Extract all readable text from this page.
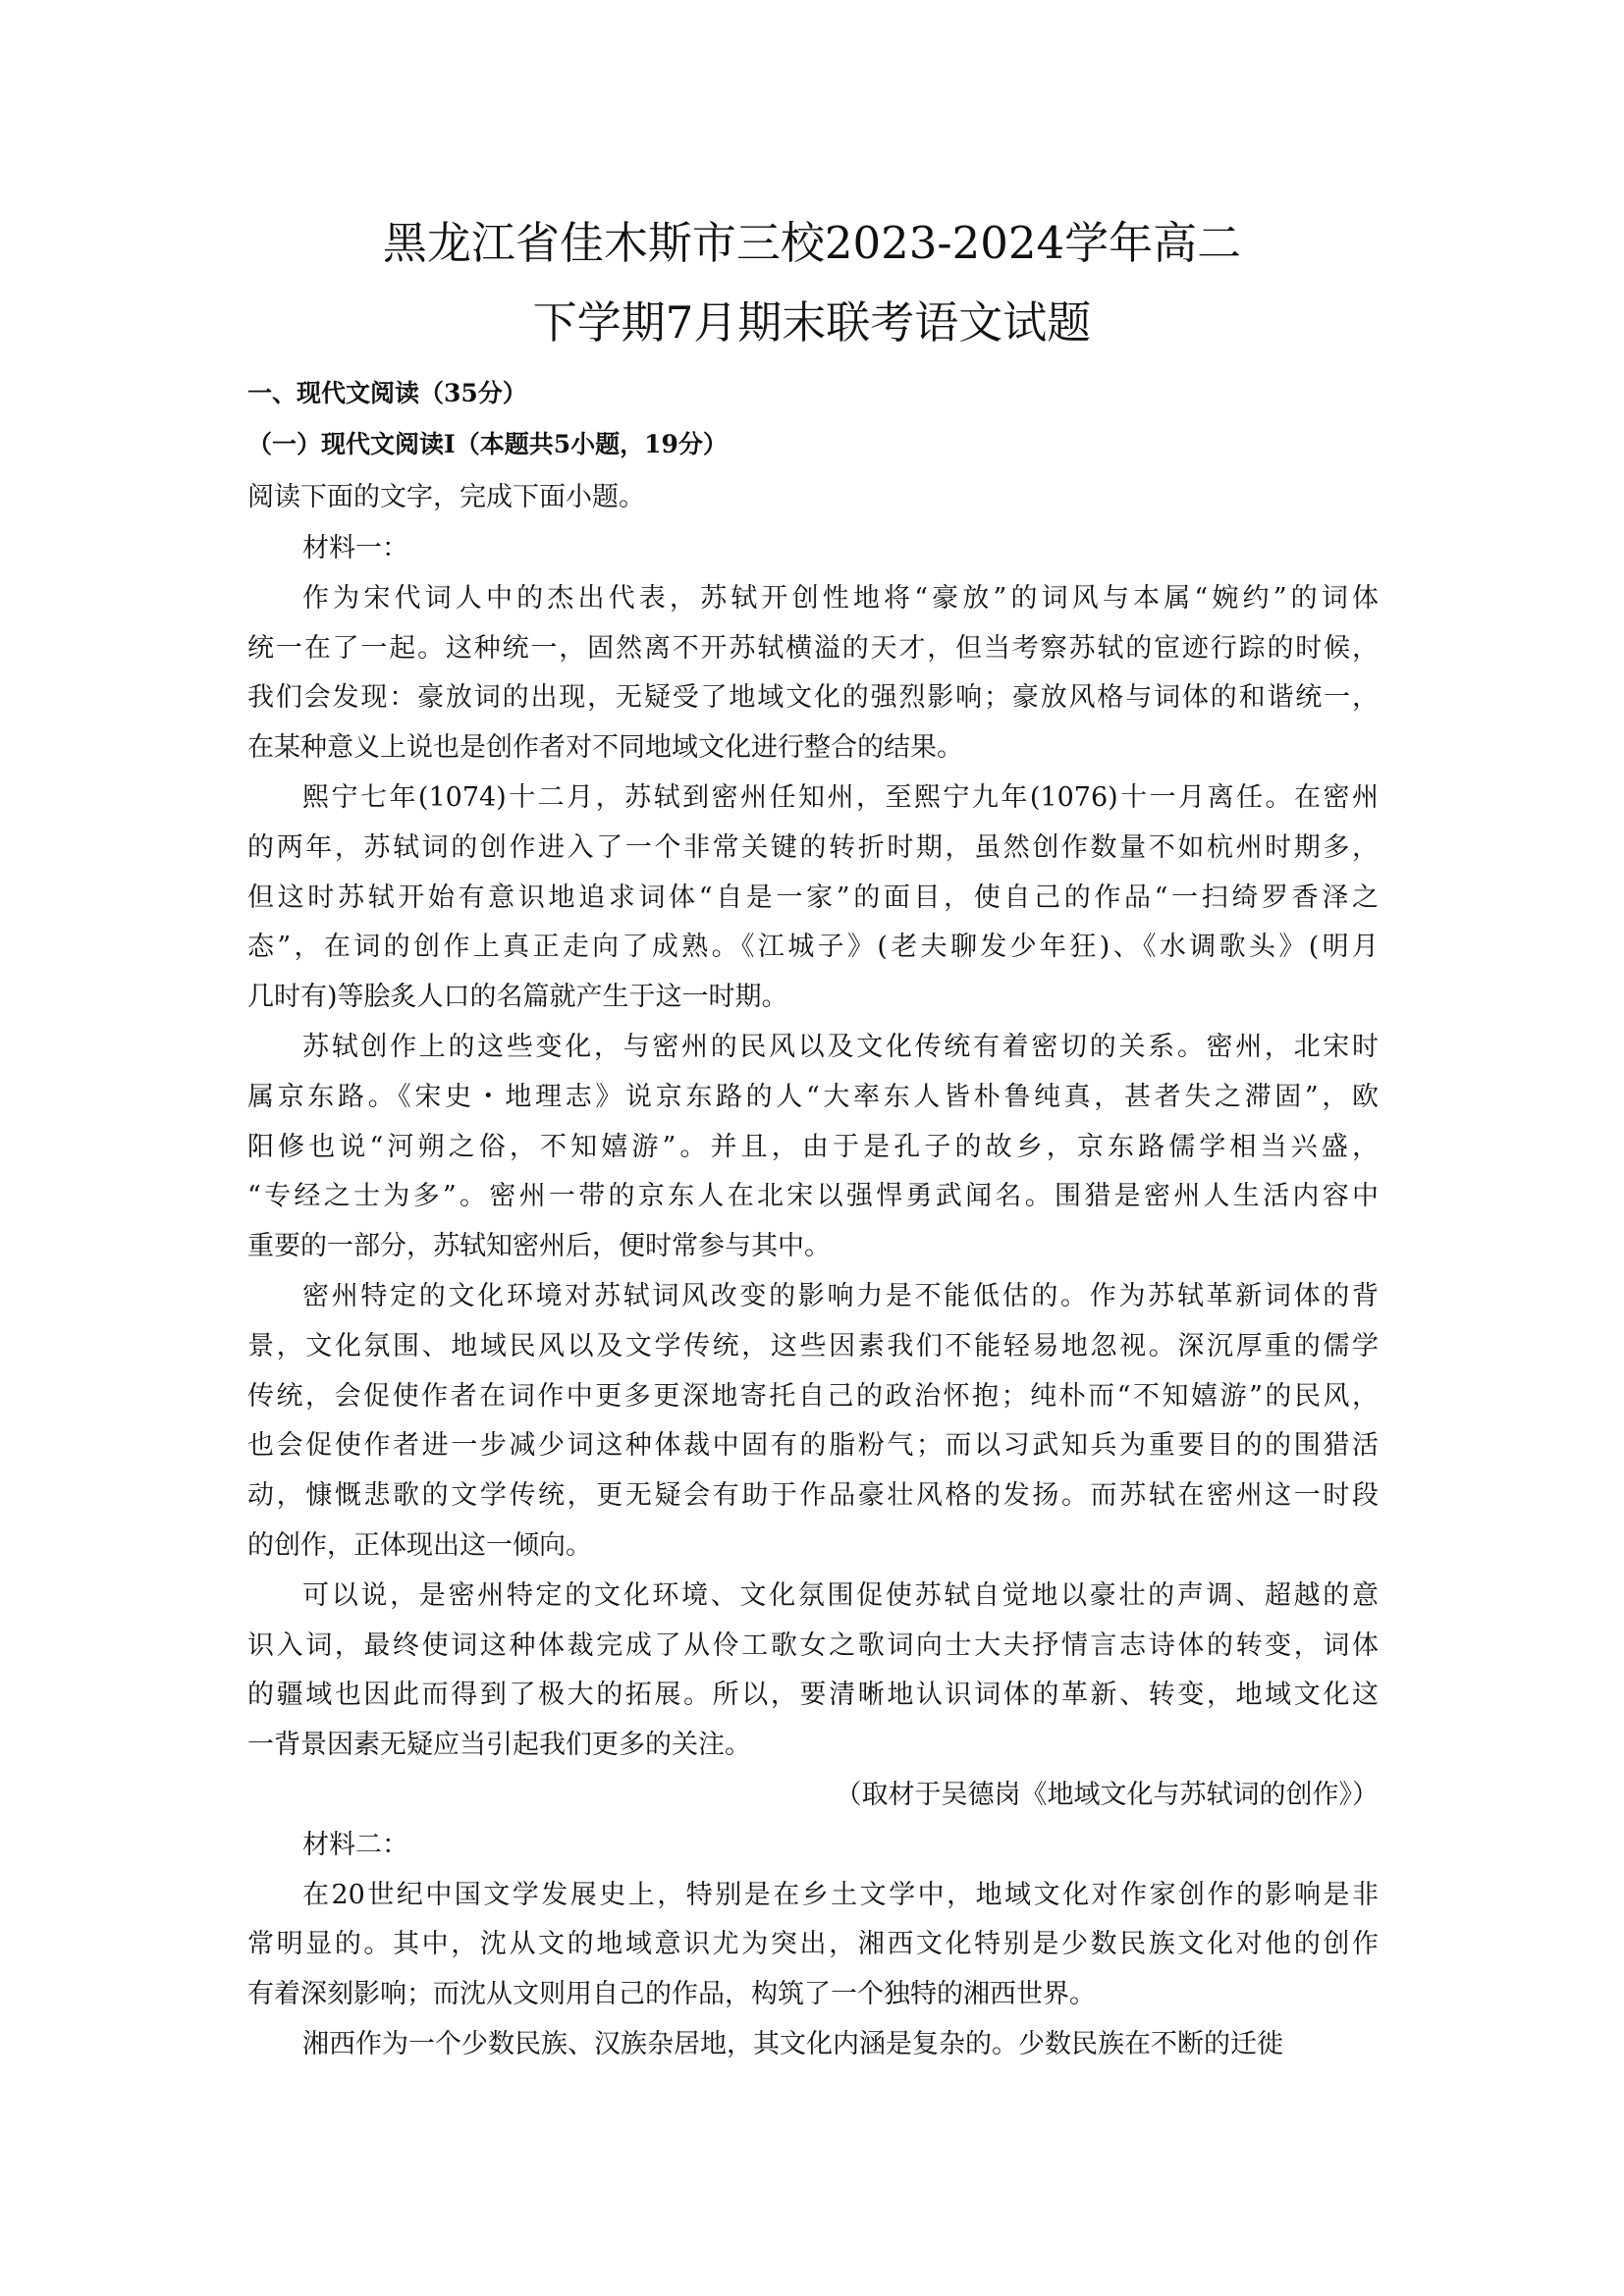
黑龙江省佳木斯市三校2023-2024学年高二
下学期7月期末联考语文试题

一、现代文阅读（35分）

（一）现代文阅读Ⅰ（本题共5小题，19分）

阅读下面的文字，完成下面小题。

材料一：

作为宋代词人中的杰出代表，苏轼开创性地将“豪放”的词风与本属“婉约”的词体
统一在了一起。这种统一，固然离不开苏轼横溢的天才，但当考察苏轼的宦迹行踪的时候，
我们会发现：豪放词的出现，无疑受了地域文化的强烈影响；豪放风格与词体的和谐统一，
在某种意义上说也是创作者对不同地域文化进行整合的结果。

熙宁七年(1074)十二月，苏轼到密州任知州，至熙宁九年(1076)十一月离任。在密州
的两年，苏轼词的创作进入了一个非常关键的转折时期，虽然创作数量不如杭州时期多，
但这时苏轼开始有意识地追求词体“自是一家”的面目，使自己的作品“一扫绮罗香泽之
态”，在词的创作上真正走向了成熟。《江城子》(老夫聊发少年狂)、《水调歌头》(明月
几时有)等脍炙人口的名篇就产生于这一时期。

苏轼创作上的这些变化，与密州的民风以及文化传统有着密切的关系。密州，北宋时
属京东路。《宋史・地理志》说京东路的人“大率东人皆朴鲁纯真，甚者失之滞固”，欧
阳修也说“河朔之俗，不知嬉游”。并且，由于是孔子的故乡，京东路儒学相当兴盛，
“专经之士为多”。密州一带的京东人在北宋以强悍勇武闻名。围猎是密州人生活内容中
重要的一部分，苏轼知密州后，便时常参与其中。

密州特定的文化环境对苏轼词风改变的影响力是不能低估的。作为苏轼革新词体的背
景，文化氛围、地域民风以及文学传统，这些因素我们不能轻易地忽视。深沉厚重的儒学
传统，会促使作者在词作中更多更深地寄托自己的政治怀抱；纯朴而“不知嬉游”的民风，
也会促使作者进一步减少词这种体裁中固有的脂粉气；而以习武知兵为重要目的的围猎活
动，慷慨悲歌的文学传统，更无疑会有助于作品豪壮风格的发扬。而苏轼在密州这一时段
的创作，正体现出这一倾向。

可以说，是密州特定的文化环境、文化氛围促使苏轼自觉地以豪壮的声调、超越的意
识入词，最终使词这种体裁完成了从伶工歌女之歌词向士大夫抒情言志诗体的转变，词体
的疆域也因此而得到了极大的拓展。所以，要清晰地认识词体的革新、转变，地域文化这
一背景因素无疑应当引起我们更多的关注。

（取材于吴德岗《地域文化与苏轼词的创作》）

材料二：

在20世纪中国文学发展史上，特别是在乡土文学中，地域文化对作家创作的影响是非
常明显的。其中，沈从文的地域意识尤为突出，湘西文化特别是少数民族文化对他的创作
有着深刻影响；而沈从文则用自己的作品，构筑了一个独特的湘西世界。

湘西作为一个少数民族、汉族杂居地，其文化内涵是复杂的。少数民族在不断的迁徙
